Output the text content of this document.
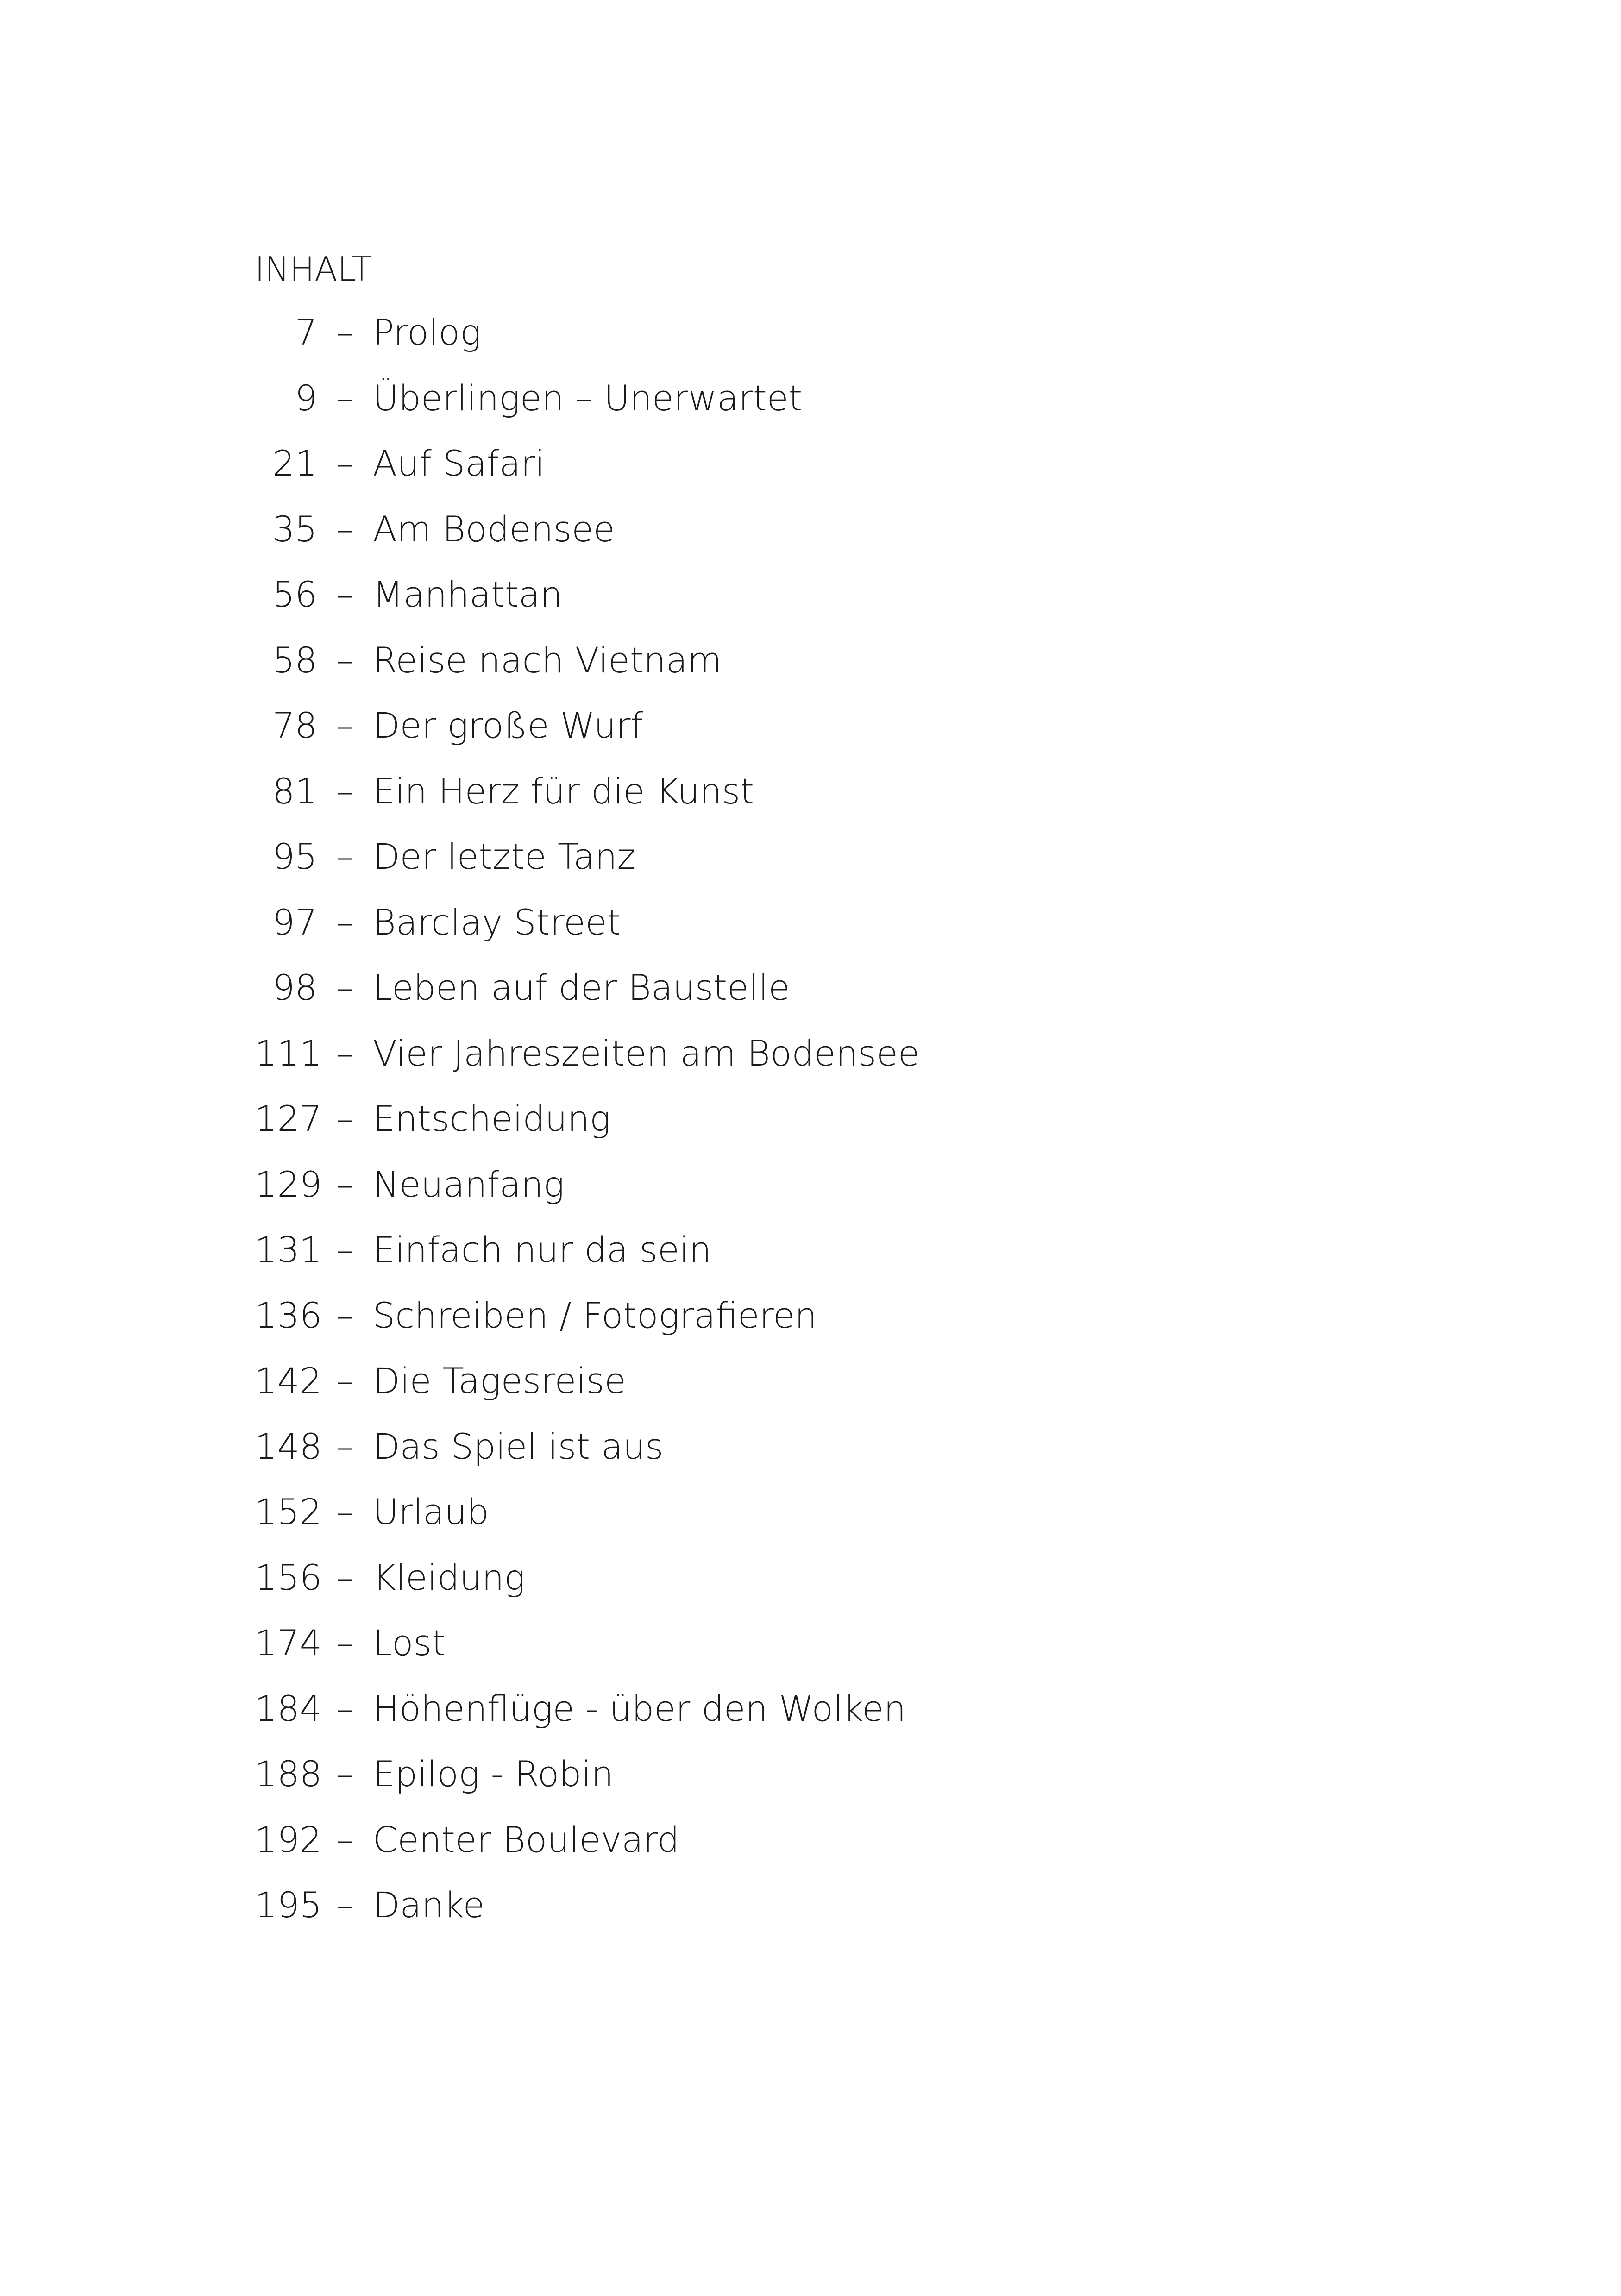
INHALT
7 – Prolog
9 – Überlingen – Unerwartet
21 – Auf Safari
35 – Am Bodensee
56 – Manhattan
58 – Reise nach Vietnam
78 – Der große Wurf
81 – Ein Herz für die Kunst
95 – Der letzte Tanz
97 – Barclay Street
98 – Leben auf der Baustelle
111 – Vier Jahreszeiten am Bodensee
127 – Entscheidung
129 – Neuanfang
131 – Einfach nur da sein
136 – Schreiben / Fotografieren
142 – Die Tagesreise
148 – Das Spiel ist aus
152 – Urlaub
156 – Kleidung
174 – Lost
184 – Höhenflüge - über den Wolken
188 – Epilog - Robin
192 – Center Boulevard
195 – Danke
